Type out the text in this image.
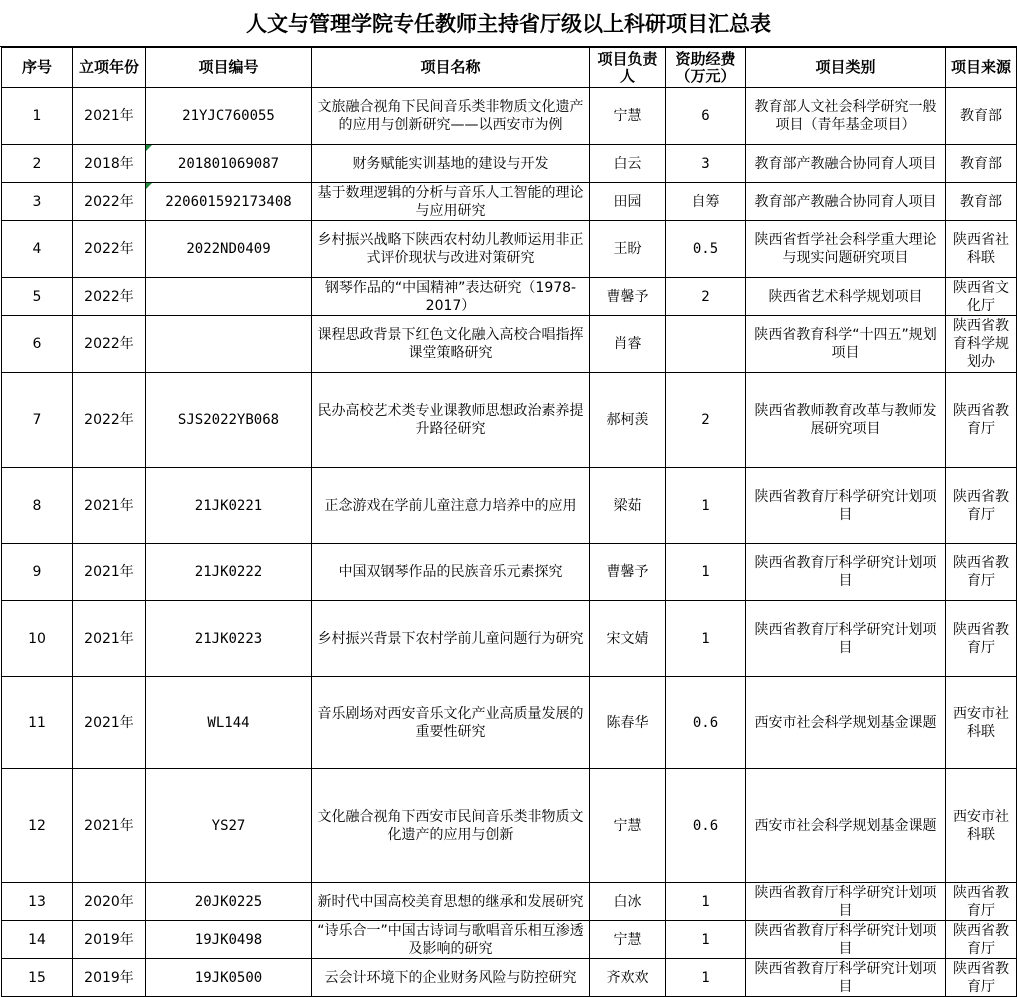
人文与管理学院专任教师主持省厅级以上科研项目汇总表
序号	立项年份	项目编号	项目名称	项目负责人	资助经费（万元）	项目类别	项目来源
1	2021年	21YJC760055	文旅融合视角下民间音乐类非物质文化遗产的应用与创新研究——以西安市为例	宁慧	6	教育部人文社会科学研究一般项目（青年基金项目）	教育部
2	2018年	201801069087	财务赋能实训基地的建设与开发	白云	3	教育部产教融合协同育人项目	教育部
3	2022年	220601592173408	基于数理逻辑的分析与音乐人工智能的理论与应用研究	田园	自筹	教育部产教融合协同育人项目	教育部
4	2022年	2022ND0409	乡村振兴战略下陕西农村幼儿教师运用非正式评价现状与改进对策研究	王盼	0.5	陕西省哲学社会科学重大理论与现实问题研究项目	陕西省社科联
5	2022年		钢琴作品的“中国精神”表达研究（1978-2017）	曹馨予	2	陕西省艺术科学规划项目	陕西省文化厅
6	2022年		课程思政背景下红色文化融入高校合唱指挥课堂策略研究	肖睿		陕西省教育科学“十四五”规划项目	陕西省教育科学规划办
7	2022年	SJS2022YB068	民办高校艺术类专业课教师思想政治素养提升路径研究	郝柯羡	2	陕西省教师教育改革与教师发展研究项目	陕西省教育厅
8	2021年	21JK0221	正念游戏在学前儿童注意力培养中的应用	梁茹	1	陕西省教育厅科学研究计划项目	陕西省教育厅
9	2021年	21JK0222	中国双钢琴作品的民族音乐元素探究	曹馨予	1	陕西省教育厅科学研究计划项目	陕西省教育厅
10	2021年	21JK0223	乡村振兴背景下农村学前儿童问题行为研究	宋文婧	1	陕西省教育厅科学研究计划项目	陕西省教育厅
11	2021年	WL144	音乐剧场对西安音乐文化产业高质量发展的重要性研究	陈春华	0.6	西安市社会科学规划基金课题	西安市社科联
12	2021年	YS27	文化融合视角下西安市民间音乐类非物质文化遗产的应用与创新	宁慧	0.6	西安市社会科学规划基金课题	西安市社科联
13	2020年	20JK0225	新时代中国高校美育思想的继承和发展研究	白冰	1	陕西省教育厅科学研究计划项目	陕西省教育厅
14	2019年	19JK0498	“诗乐合一”中国古诗词与歌唱音乐相互渗透及影响的研究	宁慧	1	陕西省教育厅科学研究计划项目	陕西省教育厅
15	2019年	19JK0500	云会计环境下的企业财务风险与防控研究	齐欢欢	1	陕西省教育厅科学研究计划项目	陕西省教育厅
